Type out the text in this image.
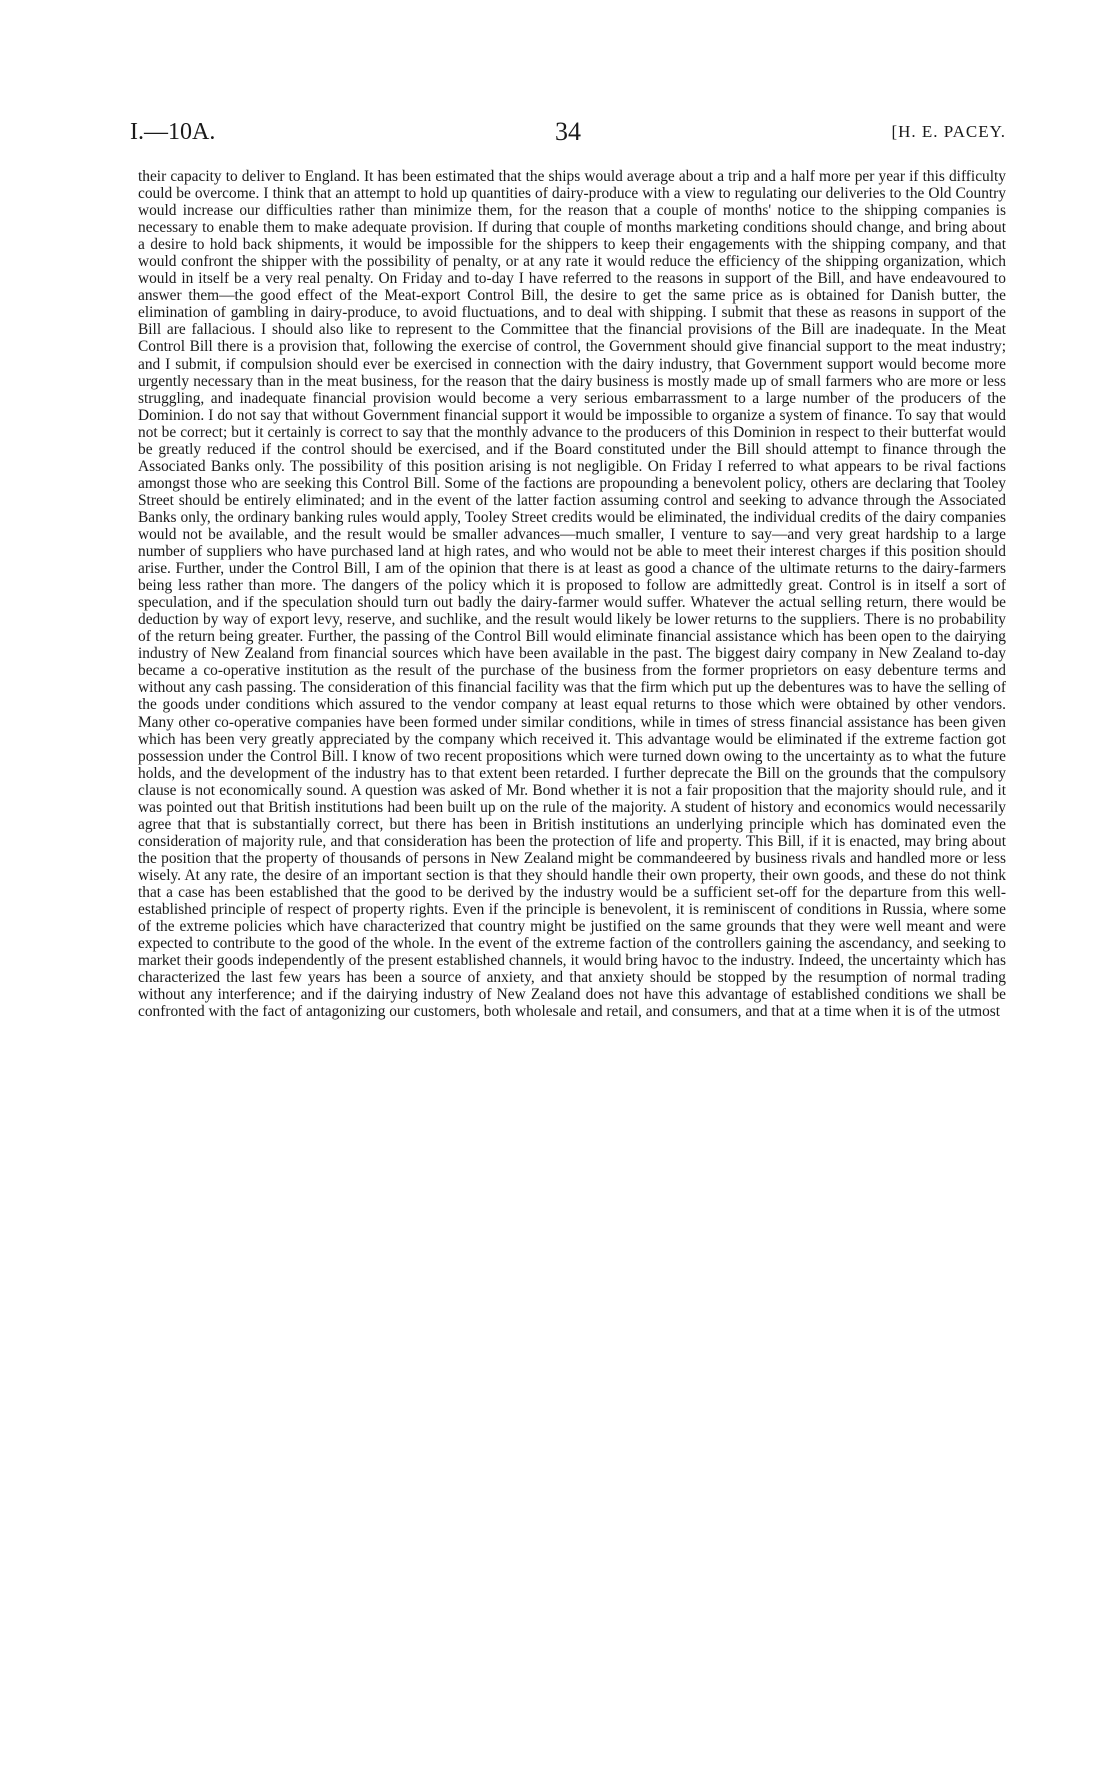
I.—10A.	34	[H. E. PACEY.

their capacity to deliver to England. It has been estimated that the ships would average about a trip and a half more per year if this difficulty could be overcome. I think that an attempt to hold up quantities of dairy-produce with a view to regulating our deliveries to the Old Country would increase our difficulties rather than minimize them, for the reason that a couple of months' notice to the shipping companies is necessary to enable them to make adequate provision. If during that couple of months marketing conditions should change, and bring about a desire to hold back shipments, it would be impossible for the shippers to keep their engagements with the shipping company, and that would confront the shipper with the possibility of penalty, or at any rate it would reduce the efficiency of the shipping organization, which would in itself be a very real penalty. On Friday and to-day I have referred to the reasons in support of the Bill, and have endeavoured to answer them—the good effect of the Meat-export Control Bill, the desire to get the same price as is obtained for Danish butter, the elimination of gambling in dairy-produce, to avoid fluctuations, and to deal with shipping. I submit that these as reasons in support of the Bill are fallacious. I should also like to represent to the Committee that the financial provisions of the Bill are inadequate. In the Meat Control Bill there is a provision that, following the exercise of control, the Government should give financial support to the meat industry; and I submit, if compulsion should ever be exercised in connection with the dairy industry, that Government support would become more urgently necessary than in the meat business, for the reason that the dairy business is mostly made up of small farmers who are more or less struggling, and inadequate financial provision would become a very serious embarrassment to a large number of the producers of the Dominion. I do not say that without Government financial support it would be impossible to organize a system of finance. To say that would not be correct; but it certainly is correct to say that the monthly advance to the producers of this Dominion in respect to their butterfat would be greatly reduced if the control should be exercised, and if the Board constituted under the Bill should attempt to finance through the Associated Banks only. The possibility of this position arising is not negligible. On Friday I referred to what appears to be rival factions amongst those who are seeking this Control Bill. Some of the factions are propounding a benevolent policy, others are declaring that Tooley Street should be entirely eliminated; and in the event of the latter faction assuming control and seeking to advance through the Associated Banks only, the ordinary banking rules would apply, Tooley Street credits would be eliminated, the individual credits of the dairy companies would not be available, and the result would be smaller advances—much smaller, I venture to say—and very great hardship to a large number of suppliers who have purchased land at high rates, and who would not be able to meet their interest charges if this position should arise. Further, under the Control Bill, I am of the opinion that there is at least as good a chance of the ultimate returns to the dairy-farmers being less rather than more. The dangers of the policy which it is proposed to follow are admittedly great. Control is in itself a sort of speculation, and if the speculation should turn out badly the dairy-farmer would suffer. Whatever the actual selling return, there would be deduction by way of export levy, reserve, and suchlike, and the result would likely be lower returns to the suppliers. There is no probability of the return being greater. Further, the passing of the Control Bill would eliminate financial assistance which has been open to the dairying industry of New Zealand from financial sources which have been available in the past. The biggest dairy company in New Zealand to-day became a co-operative institution as the result of the purchase of the business from the former proprietors on easy debenture terms and without any cash passing. The consideration of this financial facility was that the firm which put up the debentures was to have the selling of the goods under conditions which assured to the vendor company at least equal returns to those which were obtained by other vendors. Many other co-operative companies have been formed under similar conditions, while in times of stress financial assistance has been given which has been very greatly appreciated by the company which received it. This advantage would be eliminated if the extreme faction got possession under the Control Bill. I know of two recent propositions which were turned down owing to the uncertainty as to what the future holds, and the development of the industry has to that extent been retarded. I further deprecate the Bill on the grounds that the compulsory clause is not economically sound. A question was asked of Mr. Bond whether it is not a fair proposition that the majority should rule, and it was pointed out that British institutions had been built up on the rule of the majority. A student of history and economics would necessarily agree that that is substantially correct, but there has been in British institutions an underlying principle which has dominated even the consideration of majority rule, and that consideration has been the protection of life and property. This Bill, if it is enacted, may bring about the position that the property of thousands of persons in New Zealand might be commandeered by business rivals and handled more or less wisely. At any rate, the desire of an important section is that they should handle their own property, their own goods, and these do not think that a case has been established that the good to be derived by the industry would be a sufficient set-off for the departure from this well-established principle of respect of property rights. Even if the principle is benevolent, it is reminiscent of conditions in Russia, where some of the extreme policies which have characterized that country might be justified on the same grounds that they were well meant and were expected to contribute to the good of the whole. In the event of the extreme faction of the controllers gaining the ascendancy, and seeking to market their goods independently of the present established channels, it would bring havoc to the industry. Indeed, the uncertainty which has characterized the last few years has been a source of anxiety, and that anxiety should be stopped by the resumption of normal trading without any interference; and if the dairying industry of New Zealand does not have this advantage of established conditions we shall be confronted with the fact of antagonizing our customers, both wholesale and retail, and consumers, and that at a time when it is of the utmost
